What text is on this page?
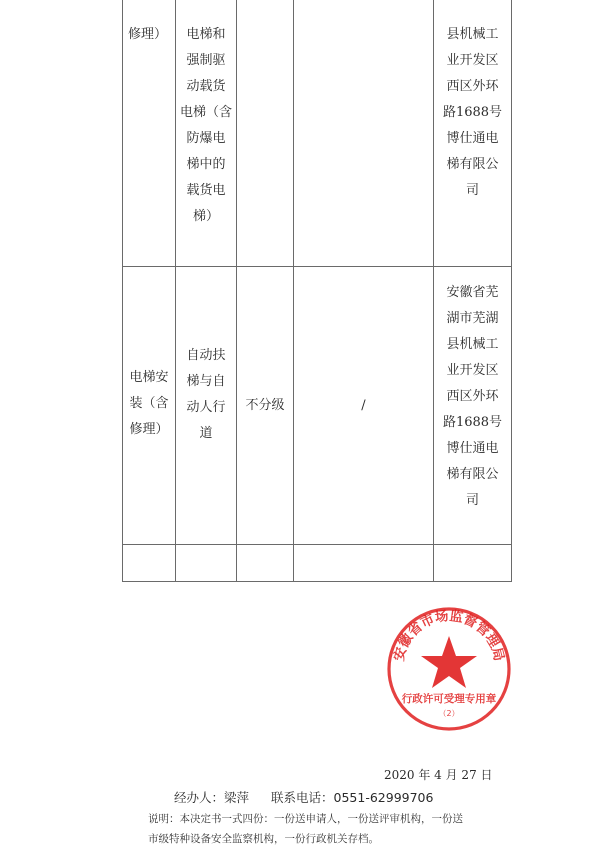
修理）	电梯和
强制驱
动载货
电梯（含
防爆电
梯中的
载货电
梯）
县机械工
业开发区
西区外环
路1688号
博仕通电
梯有限公
司
电梯安
装（含
修理）
自动扶
梯与自
动人行
道
不分级	/
安徽省芜
湖市芜湖
县机械工
业开发区
西区外环
路1688号
博仕通电
梯有限公
司
安徽省市场监督管理局
行政许可受理专用章
（2）
2020 年 4 月 27 日
经办人：梁萍 联系电话：0551-62999706
说明：本决定书一式四份：一份送申请人，一份送评审机构，一份送
市级特种设备安全监察机构，一份行政机关存档。
